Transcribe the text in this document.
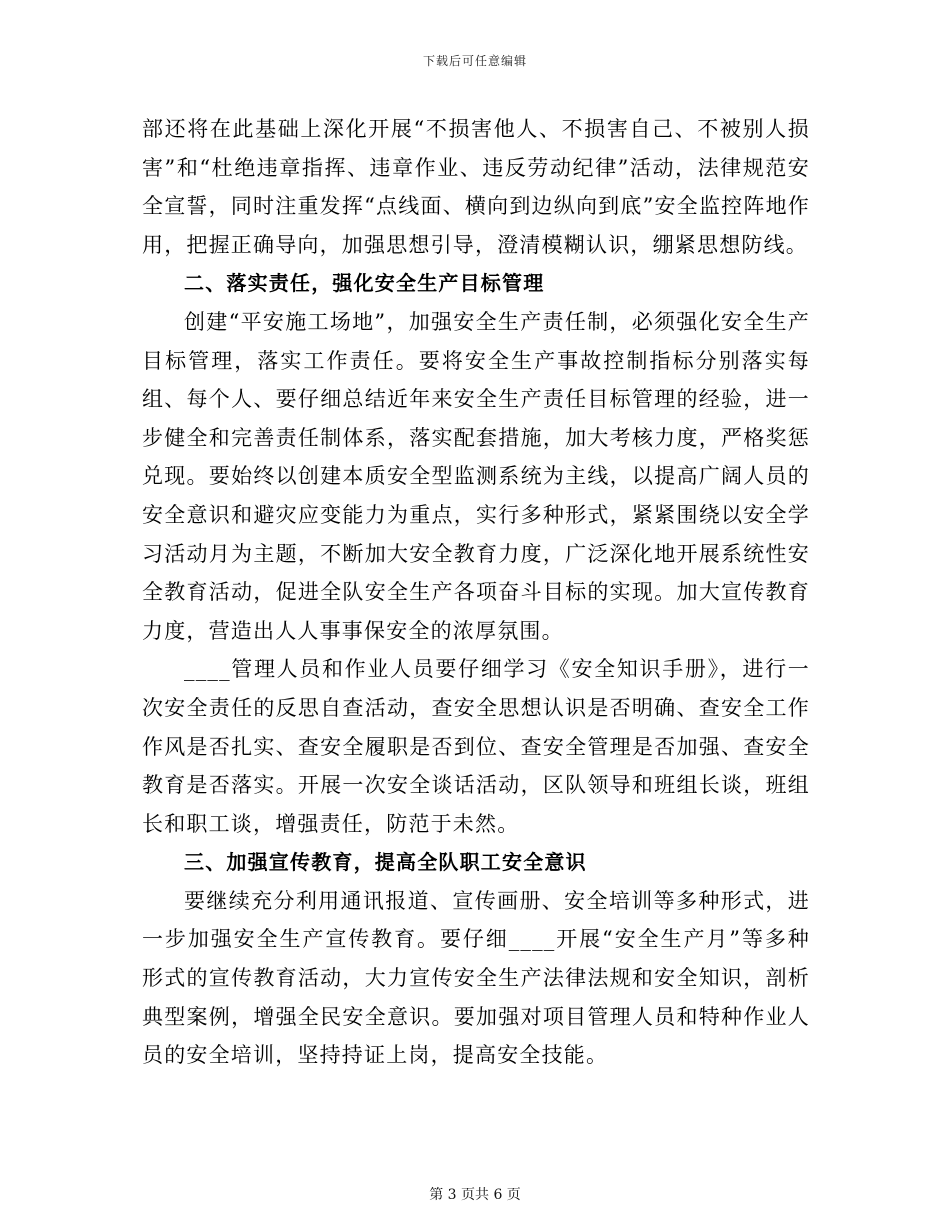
下载后可任意编辑

部还将在此基础上深化开展“不损害他人、不损害自己、不被别人损害”和“杜绝违章指挥、违章作业、违反劳动纪律”活动，法律规范安全宣誓，同时注重发挥“点线面、横向到边纵向到底”安全监控阵地作用，把握正确导向，加强思想引导，澄清模糊认识，绷紧思想防线。

二、落实责任，强化安全生产目标管理

创建“平安施工场地”，加强安全生产责任制，必须强化安全生产目标管理，落实工作责任。要将安全生产事故控制指标分别落实每组、每个人、要仔细总结近年来安全生产责任目标管理的经验，进一步健全和完善责任制体系，落实配套措施，加大考核力度，严格奖惩兑现。要始终以创建本质安全型监测系统为主线，以提高广阔人员的安全意识和避灾应变能力为重点，实行多种形式，紧紧围绕以安全学习活动月为主题，不断加大安全教育力度，广泛深化地开展系统性安全教育活动，促进全队安全生产各项奋斗目标的实现。加大宣传教育力度，营造出人人事事保安全的浓厚氛围。

____管理人员和作业人员要仔细学习《安全知识手册》，进行一次安全责任的反思自查活动，查安全思想认识是否明确、查安全工作作风是否扎实、查安全履职是否到位、查安全管理是否加强、查安全教育是否落实。开展一次安全谈话活动，区队领导和班组长谈，班组长和职工谈，增强责任，防范于未然。

三、加强宣传教育，提高全队职工安全意识

要继续充分利用通讯报道、宣传画册、安全培训等多种形式，进一步加强安全生产宣传教育。要仔细____开展“安全生产月”等多种形式的宣传教育活动，大力宣传安全生产法律法规和安全知识，剖析典型案例，增强全民安全意识。要加强对项目管理人员和特种作业人员的安全培训，坚持持证上岗，提高安全技能。

第 3 页共 6 页
